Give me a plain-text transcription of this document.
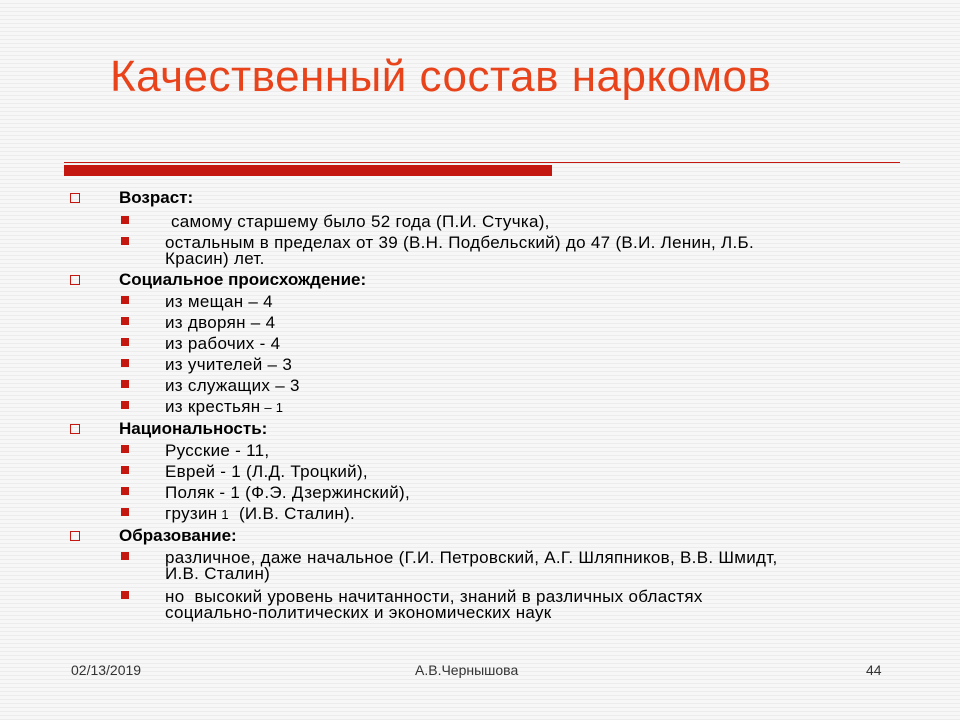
Качественный состав наркомов
Возраст:
самому старшему было 52 года (П.И. Стучка),
остальным в пределах от 39 (В.Н. Подбельский) до 47 (В.И. Ленин, Л.Б.
Красин) лет.
Социальное происхождение:
из мещан – 4
из дворян – 4
из рабочих - 4
из учителей – 3
из служащих – 3
из крестьян – 1
Национальность:
Русские - 11,
Еврей - 1 (Л.Д. Троцкий),
Поляк - 1 (Ф.Э. Дзержинский),
грузин 1  (И.В. Сталин).
Образование:
различное, даже начальное (Г.И. Петровский, А.Г. Шляпников, В.В. Шмидт,
И.В. Сталин)
но  высокий уровень начитанности, знаний в различных областях
социально-политических и экономических наук
02/13/2019	А.В.Чернышова	44
